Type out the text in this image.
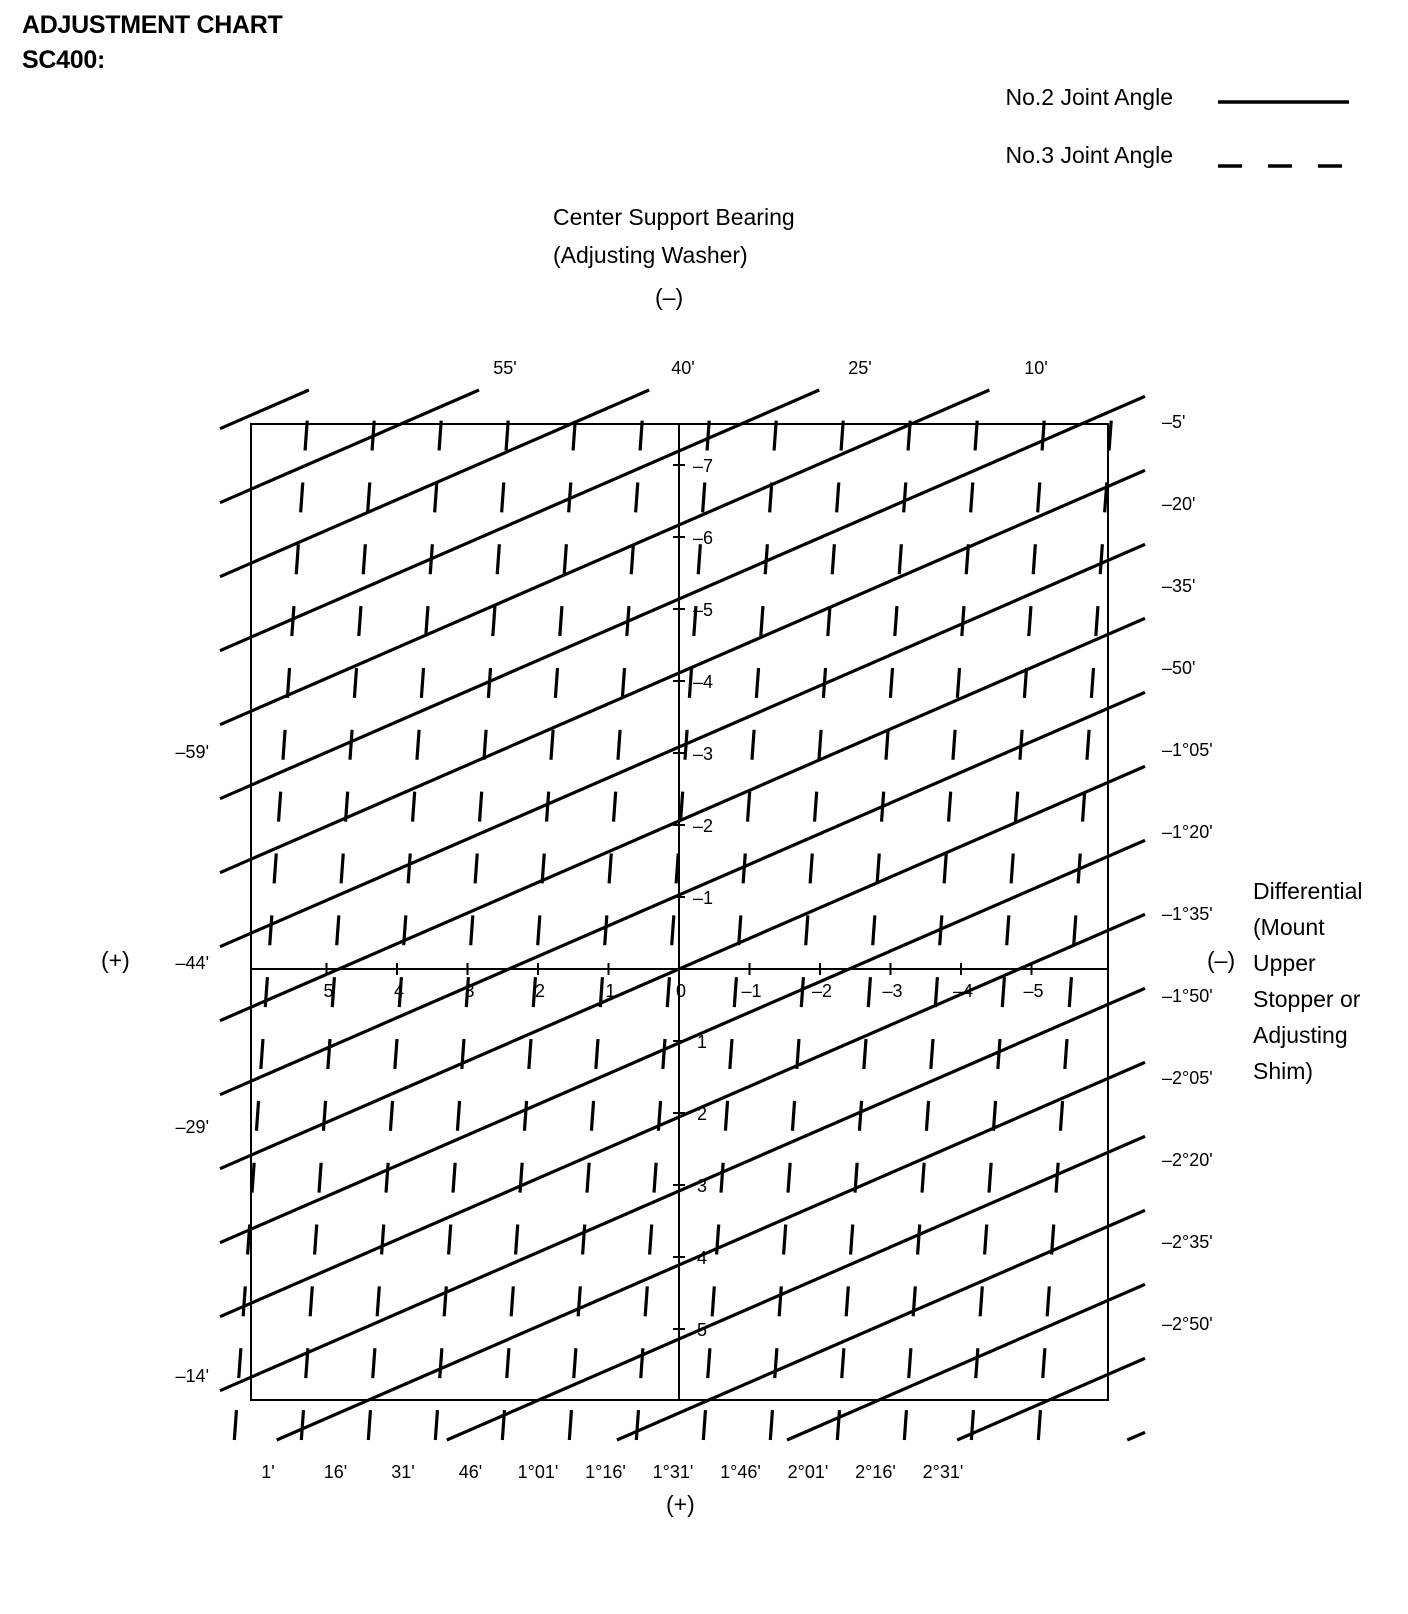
ADJUSTMENT CHART
SC400:
No.2 Joint Angle
No.3 Joint Angle
Center Support Bearing
(Adjusting Washer)
(–)
(+)
(+)	(–)
Differential
(Mount
Upper
Stopper or
Adjusting
Shim)
5	4	3	2	1	0	–1	–2	–3	–4	–5
–1
–2
–3
–4
–5
–6
–7
1
2
3
4
5
55'	40'	25'	10'
–5'
–20'
–35'
–50'
–1°05'
–1°20'
–1°35'
–1°50'
–2°05'
–2°20'
–2°35'
–2°50'
–59'
–44'
–29'
–14'
1'	16' 31' 46' 1°01' 1°16' 1°31' 1°46' 2°01' 2°16' 2°31'
